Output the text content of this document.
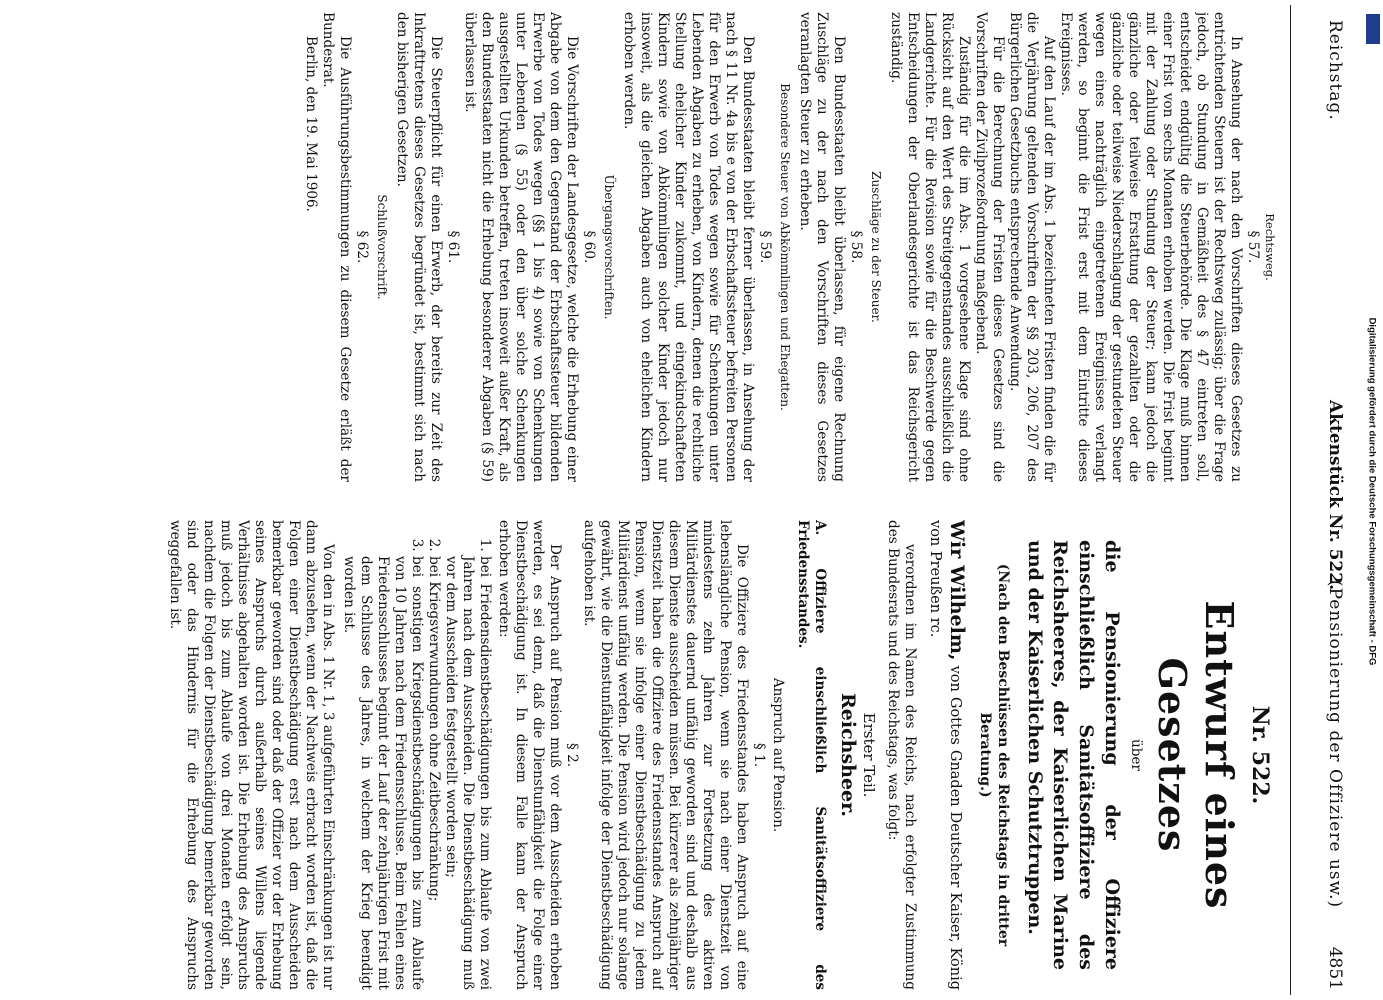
Reichstag.
Aktenstück Nr. 522.
(Pensionierung der Offiziere usw.)
4851
Rechtsweg.

§ 57.

In Ansehung der nach den Vorschriften dieses Gesetzes zu entrichtenden Steuern ist der Rechtsweg zulässig; über die Frage jedoch, ob Stundung in Gemäßheit des § 47 eintreten soll, entscheidet endgültig die Steuerbehörde. Die Klage muß binnen einer Frist von sechs Monaten erhoben werden. Die Frist beginnt mit der Zahlung oder Stundung der Steuer; kann jedoch die gänzliche oder teilweise Erstattung der gezahlten oder die gänzliche oder teilweise Niederschlagung der gestundeten Steuer wegen eines nachträglich eingetretenen Ereignisses verlangt werden, so beginnt die Frist erst mit dem Eintritte dieses Ereignisses.

Auf den Lauf der im Abs. 1 bezeichneten Fristen finden die für die Verjährung geltenden Vorschriften der §§ 203, 206, 207 des Bürgerlichen Gesetzbuchs entsprechende Anwendung.

Für die Berechnung der Fristen dieses Gesetzes sind die Vorschriften der Zivilprozeßordnung maßgebend.

Zuständig für die im Abs. 1 vorgesehene Klage sind ohne Rücksicht auf den Wert des Streitgegenstandes ausschließlich die Landgerichte. Für die Revision sowie für die Beschwerde gegen Entscheidungen der Oberlandesgerichte ist das Reichsgericht zuständig.

Zuschläge zu der Steuer.

§ 58.

Den Bundesstaaten bleibt überlassen, für eigene Rechnung Zuschläge zu der nach den Vorschriften dieses Gesetzes veranlagten Steuer zu erheben.

Besondere Steuer von Abkömmlingen und Ehegatten.

§ 59.

Den Bundesstaaten bleibt ferner überlassen, in Ansehung der nach § 11 Nr. 4a bis e von der Erbschaftssteuer befreiten Personen für den Erwerb von Todes wegen sowie für Schenkungen unter Lebenden Abgaben zu erheben, von Kindern, denen die rechtliche Stellung ehelicher Kinder zukommt, und eingekindschafteten Kindern sowie von Abkömmlingen solcher Kinder jedoch nur insoweit, als die gleichen Abgaben auch von ehelichen Kindern erhoben werden.

Übergangsvorschriften.

§ 60.

Die Vorschriften der Landesgesetze, welche die Erhebung einer Abgabe von dem den Gegenstand der Erbschaftssteuer bildenden Erwerbe von Todes wegen (§§ 1 bis 4) sowie von Schenkungen unter Lebenden (§ 55) oder den über solche Schenkungen ausgestellten Urkunden betreffen, treten insoweit außer Kraft, als den Bundesstaaten nicht die Erhebung besonderer Abgaben (§ 59) überlassen ist.

§ 61.

Die Steuerpflicht für einen Erwerb, der bereits zur Zeit des Inkrafttretens dieses Gesetzes begründet ist, bestimmt sich nach den bisherigen Gesetzen.

Schlußvorschrift.

§ 62.

Die Ausführungsbestimmungen zu diesem Gesetze erläßt der Bundesrat.

Berlin, den 19. Mai 1906.

Nr. 522.
Entwurf eines Gesetzes
über
die Pensionierung der Offiziere einschließlich Sanitätsoffiziere des Reichsheeres, der Kaiserlichen Marine und der Kaiserlichen Schutztruppen.
(Nach den Beschlüssen des Reichstags in dritter Beratung.)
Wir Wilhelm, von Gottes Gnaden Deutscher Kaiser, König von Preußen rc.

verordnen im Namen des Reichs, nach erfolgter Zustimmung des Bundesrats und des Reichstags, was folgt:

Erster Teil.
Reichsheer.
A. Offiziere einschließlich Sanitätsoffiziere des Friedensstandes.
Anspruch auf Pension.

§ 1.

Die Offiziere des Friedensstandes haben Anspruch auf eine lebenslängliche Pension, wenn sie nach einer Dienstzeit von mindestens zehn Jahren zur Fortsetzung des aktiven Militärdienstes dauernd unfähig geworden sind und deshalb aus diesem Dienste ausscheiden müssen. Bei kürzerer als zehnjähriger Dienstzeit haben die Offiziere des Friedensstandes Anspruch auf Pension, wenn sie infolge einer Dienstbeschädigung zu jedem Militärdienst unfähig werden. Die Pension wird jedoch nur solange gewährt, wie die Dienstunfähigkeit infolge der Dienstbeschädigung aufgehoben ist.

§ 2.

Der Anspruch auf Pension muß vor dem Ausscheiden erhoben werden, es sei denn, daß die Dienstunfähigkeit die Folge einer Dienstbeschädigung ist. In diesem Falle kann der Anspruch erhoben werden:

1. bei Friedensdienstbeschädigungen bis zum Ablaufe von zwei Jahren nach dem Ausscheiden. Die Dienstbeschädigung muß vor dem Ausscheiden festgestellt worden sein;
2. bei Kriegsverwundungen ohne Zeitbeschränkung;
3. bei sonstigen Kriegsdienstbeschädigungen bis zum Ablaufe von 10 Jahren nach dem Friedensschlusse. Beim Fehlen eines Friedensschlusses beginnt der Lauf der zehnjährigen Frist mit dem Schlusse des Jahres, in welchem der Krieg beendigt worden ist.

Von den in Abs. 1 Nr. 1, 3 aufgeführten Einschränkungen ist nur dann abzusehen, wenn der Nachweis erbracht worden ist, daß die Folgen einer Dienstbeschädigung erst nach dem Ausscheiden bemerkbar geworden sind oder daß der Offizier vor der Erhebung seines Anspruchs durch außerhalb seines Willens liegende Verhältnisse abgehalten worden ist. Die Erhebung des Anspruchs muß jedoch bis zum Ablaufe von drei Monaten erfolgt sein, nachdem die Folgen der Dienstbeschädigung bemerkbar geworden sind oder das Hindernis für die Erhebung des Anspruchs weggefallen ist.	Digitalisierung gefördert durch die Deutsche Forschungsgemeinschaft - DFG
